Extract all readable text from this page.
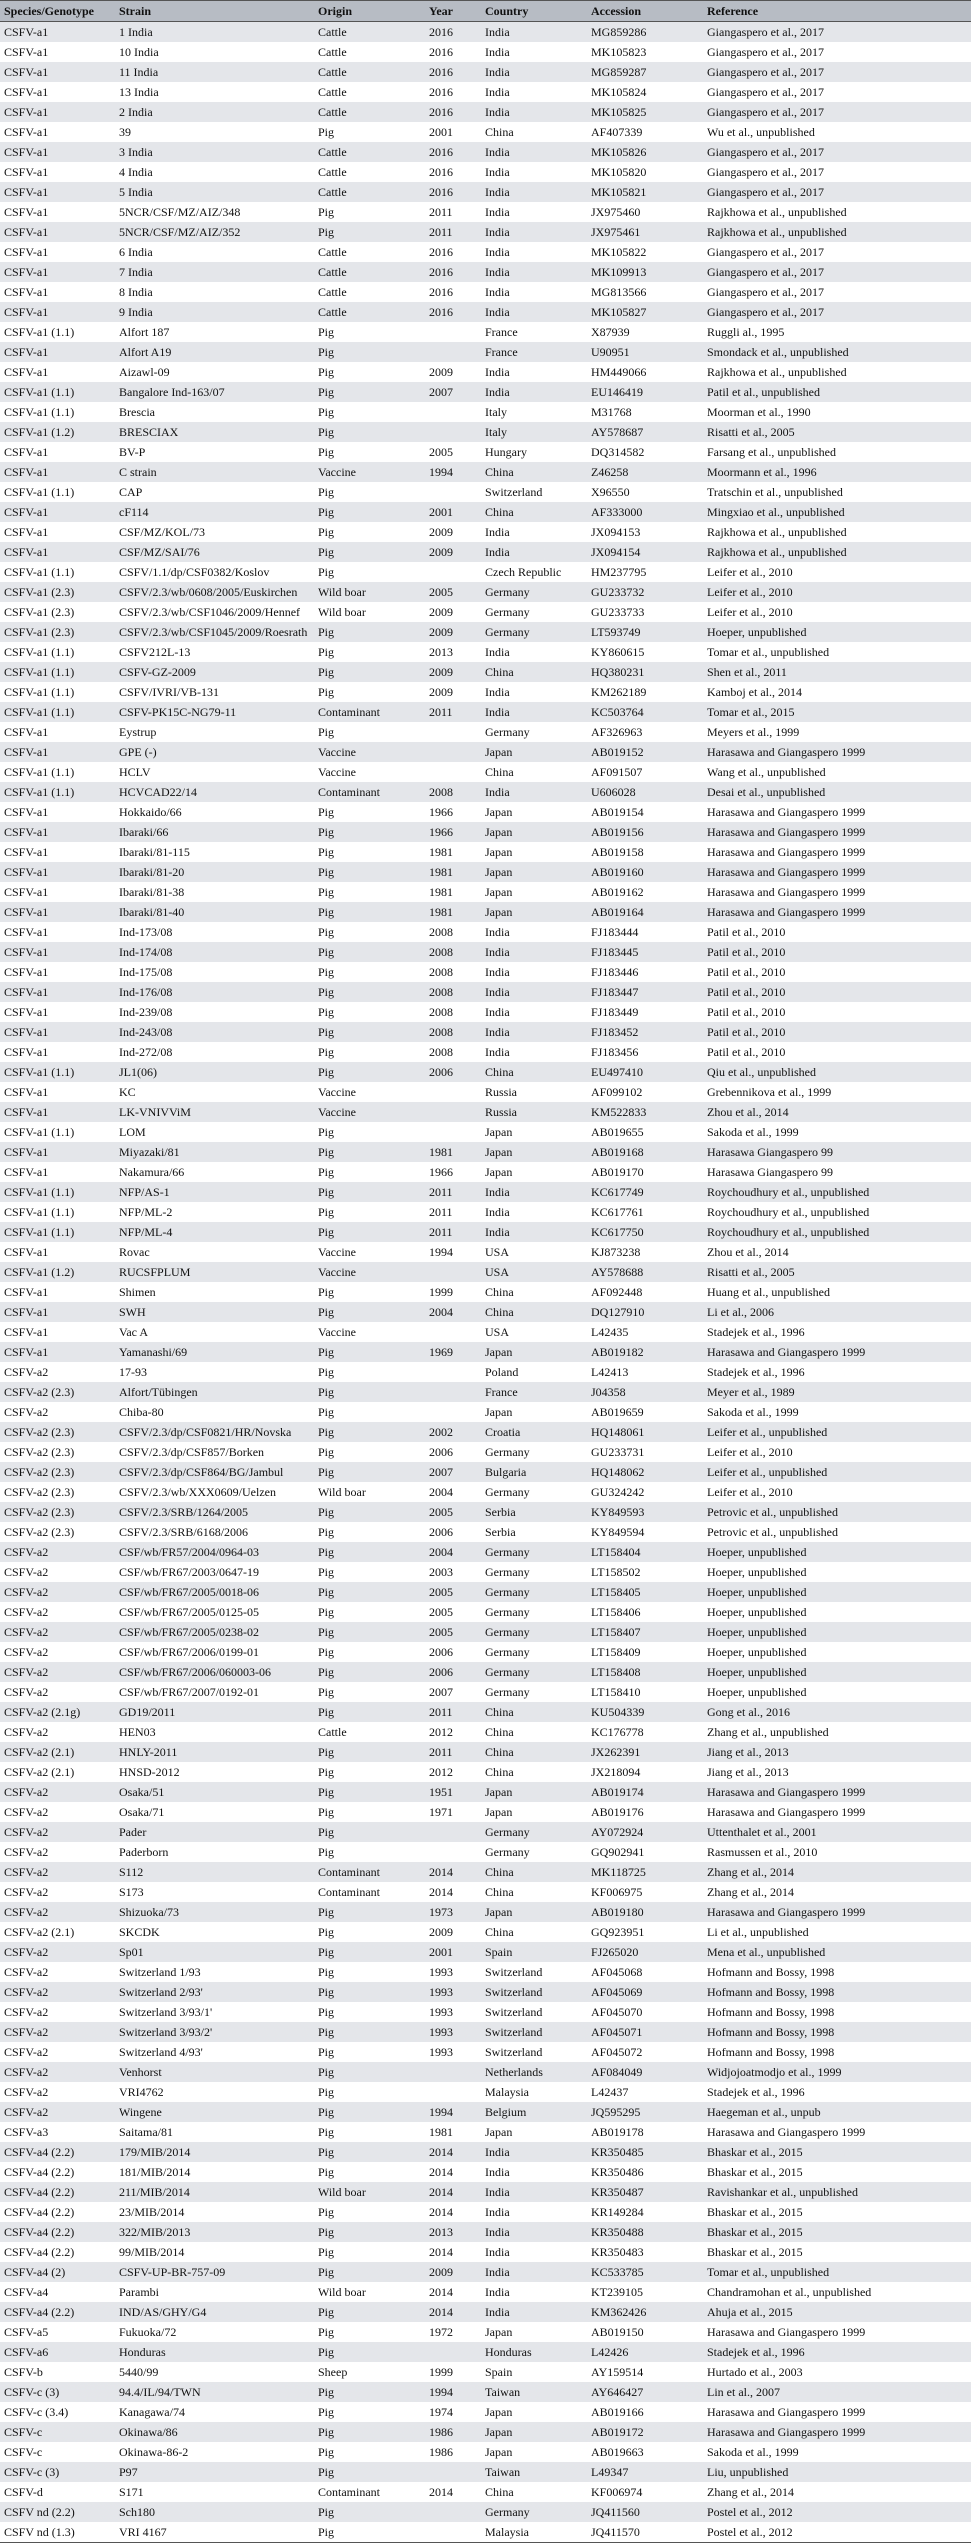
Species/Genotype	Strain	Origin	Year	Country	Accession	Reference
CSFV-a1	1 India	Cattle	2016	India	MG859286	Giangaspero et al., 2017
CSFV-a1	10 India	Cattle	2016	India	MK105823	Giangaspero et al., 2017
CSFV-a1	11 India	Cattle	2016	India	MG859287	Giangaspero et al., 2017
CSFV-a1	13 India	Cattle	2016	India	MK105824	Giangaspero et al., 2017
CSFV-a1	2 India	Cattle	2016	India	MK105825	Giangaspero et al., 2017
CSFV-a1	39	Pig	2001	China	AF407339	Wu et al., unpublished
CSFV-a1	3 India	Cattle	2016	India	MK105826	Giangaspero et al., 2017
CSFV-a1	4 India	Cattle	2016	India	MK105820	Giangaspero et al., 2017
CSFV-a1	5 India	Cattle	2016	India	MK105821	Giangaspero et al., 2017
CSFV-a1	5NCR/CSF/MZ/AIZ/348	Pig	2011	India	JX975460	Rajkhowa et al., unpublished
CSFV-a1	5NCR/CSF/MZ/AIZ/352	Pig	2011	India	JX975461	Rajkhowa et al., unpublished
CSFV-a1	6 India	Cattle	2016	India	MK105822	Giangaspero et al., 2017
CSFV-a1	7 India	Cattle	2016	India	MK109913	Giangaspero et al., 2017
CSFV-a1	8 India	Cattle	2016	India	MG813566	Giangaspero et al., 2017
CSFV-a1	9 India	Cattle	2016	India	MK105827	Giangaspero et al., 2017
CSFV-a1 (1.1)	Alfort 187	Pig		France	X87939	Ruggli al., 1995
CSFV-a1	Alfort A19	Pig		France	U90951	Smondack et al., unpublished
CSFV-a1	Aizawl-09	Pig	2009	India	HM449066	Rajkhowa et al., unpublished
CSFV-a1 (1.1)	Bangalore Ind-163/07	Pig	2007	India	EU146419	Patil et al., unpublished
CSFV-a1 (1.1)	Brescia	Pig		Italy	M31768	Moorman et al., 1990
CSFV-a1 (1.2)	BRESCIAX	Pig		Italy	AY578687	Risatti et al., 2005
CSFV-a1	BV-P	Pig	2005	Hungary	DQ314582	Farsang et al., unpublished
CSFV-a1	C strain	Vaccine	1994	China	Z46258	Moormann et al., 1996
CSFV-a1 (1.1)	CAP	Pig		Switzerland	X96550	Tratschin et al., unpublished
CSFV-a1	cF114	Pig	2001	China	AF333000	Mingxiao et al., unpublished
CSFV-a1	CSF/MZ/KOL/73	Pig	2009	India	JX094153	Rajkhowa et al., unpublished
CSFV-a1	CSF/MZ/SAI/76	Pig	2009	India	JX094154	Rajkhowa et al., unpublished
CSFV-a1 (1.1)	CSFV/1.1/dp/CSF0382/Koslov	Pig		Czech Republic	HM237795	Leifer et al., 2010
CSFV-a1 (2.3)	CSFV/2.3/wb/0608/2005/Euskirchen	Wild boar	2005	Germany	GU233732	Leifer et al., 2010
CSFV-a1 (2.3)	CSFV/2.3/wb/CSF1046/2009/Hennef	Wild boar	2009	Germany	GU233733	Leifer et al., 2010
CSFV-a1 (2.3)	CSFV/2.3/wb/CSF1045/2009/Roesrath	Pig	2009	Germany	LT593749	Hoeper, unpublished
CSFV-a1 (1.1)	CSFV212L-13	Pig	2013	India	KY860615	Tomar et al., unpublished
CSFV-a1 (1.1)	CSFV-GZ-2009	Pig	2009	China	HQ380231	Shen et al., 2011
CSFV-a1 (1.1)	CSFV/IVRI/VB-131	Pig	2009	India	KM262189	Kamboj et al., 2014
CSFV-a1 (1.1)	CSFV-PK15C-NG79-11	Contaminant	2011	India	KC503764	Tomar et al., 2015
CSFV-a1	Eystrup	Pig		Germany	AF326963	Meyers et al., 1999
CSFV-a1	GPE (-)	Vaccine		Japan	AB019152	Harasawa and Giangaspero 1999
CSFV-a1 (1.1)	HCLV	Vaccine		China	AF091507	Wang et al., unpublished
CSFV-a1 (1.1)	HCVCAD22/14	Contaminant	2008	India	U606028	Desai et al., unpublished
CSFV-a1	Hokkaido/66	Pig	1966	Japan	AB019154	Harasawa and Giangaspero 1999
CSFV-a1	Ibaraki/66	Pig	1966	Japan	AB019156	Harasawa and Giangaspero 1999
CSFV-a1	Ibaraki/81-115	Pig	1981	Japan	AB019158	Harasawa and Giangaspero 1999
CSFV-a1	Ibaraki/81-20	Pig	1981	Japan	AB019160	Harasawa and Giangaspero 1999
CSFV-a1	Ibaraki/81-38	Pig	1981	Japan	AB019162	Harasawa and Giangaspero 1999
CSFV-a1	Ibaraki/81-40	Pig	1981	Japan	AB019164	Harasawa and Giangaspero 1999
CSFV-a1	Ind-173/08	Pig	2008	India	FJ183444	Patil et al., 2010
CSFV-a1	Ind-174/08	Pig	2008	India	FJ183445	Patil et al., 2010
CSFV-a1	Ind-175/08	Pig	2008	India	FJ183446	Patil et al., 2010
CSFV-a1	Ind-176/08	Pig	2008	India	FJ183447	Patil et al., 2010
CSFV-a1	Ind-239/08	Pig	2008	India	FJ183449	Patil et al., 2010
CSFV-a1	Ind-243/08	Pig	2008	India	FJ183452	Patil et al., 2010
CSFV-a1	Ind-272/08	Pig	2008	India	FJ183456	Patil et al., 2010
CSFV-a1 (1.1)	JL1(06)	Pig	2006	China	EU497410	Qiu et al., unpublished
CSFV-a1	KC	Vaccine		Russia	AF099102	Grebennikova et al., 1999
CSFV-a1	LK-VNIVViM	Vaccine		Russia	KM522833	Zhou et al., 2014
CSFV-a1 (1.1)	LOM	Pig		Japan	AB019655	Sakoda et al., 1999
CSFV-a1	Miyazaki/81	Pig	1981	Japan	AB019168	Harasawa Giangaspero 99
CSFV-a1	Nakamura/66	Pig	1966	Japan	AB019170	Harasawa Giangaspero 99
CSFV-a1 (1.1)	NFP/AS-1	Pig	2011	India	KC617749	Roychoudhury et al., unpublished
CSFV-a1 (1.1)	NFP/ML-2	Pig	2011	India	KC617761	Roychoudhury et al., unpublished
CSFV-a1 (1.1)	NFP/ML-4	Pig	2011	India	KC617750	Roychoudhury et al., unpublished
CSFV-a1	Rovac	Vaccine	1994	USA	KJ873238	Zhou et al., 2014
CSFV-a1 (1.2)	RUCSFPLUM	Vaccine		USA	AY578688	Risatti et al., 2005
CSFV-a1	Shimen	Pig	1999	China	AF092448	Huang et al., unpublished
CSFV-a1	SWH	Pig	2004	China	DQ127910	Li et al., 2006
CSFV-a1	Vac A	Vaccine		USA	L42435	Stadejek et al., 1996
CSFV-a1	Yamanashi/69	Pig	1969	Japan	AB019182	Harasawa and Giangaspero 1999
CSFV-a2	17-93	Pig		Poland	L42413	Stadejek et al., 1996
CSFV-a2 (2.3)	Alfort/Tübingen	Pig		France	J04358	Meyer et al., 1989
CSFV-a2	Chiba-80	Pig		Japan	AB019659	Sakoda et al., 1999
CSFV-a2 (2.3)	CSFV/2.3/dp/CSF0821/HR/Novska	Pig	2002	Croatia	HQ148061	Leifer et al., unpublished
CSFV-a2 (2.3)	CSFV/2.3/dp/CSF857/Borken	Pig	2006	Germany	GU233731	Leifer et al., 2010
CSFV-a2 (2.3)	CSFV/2.3/dp/CSF864/BG/Jambul	Pig	2007	Bulgaria	HQ148062	Leifer et al., unpublished
CSFV-a2 (2.3)	CSFV/2.3/wb/XXX0609/Uelzen	Wild boar	2004	Germany	GU324242	Leifer et al., 2010
CSFV-a2 (2.3)	CSFV/2.3/SRB/1264/2005	Pig	2005	Serbia	KY849593	Petrovic et al., unpublished
CSFV-a2 (2.3)	CSFV/2.3/SRB/6168/2006	Pig	2006	Serbia	KY849594	Petrovic et al., unpublished
CSFV-a2	CSF/wb/FR57/2004/0964-03	Pig	2004	Germany	LT158404	Hoeper, unpublished
CSFV-a2	CSF/wb/FR67/2003/0647-19	Pig	2003	Germany	LT158502	Hoeper, unpublished
CSFV-a2	CSF/wb/FR67/2005/0018-06	Pig	2005	Germany	LT158405	Hoeper, unpublished
CSFV-a2	CSF/wb/FR67/2005/0125-05	Pig	2005	Germany	LT158406	Hoeper, unpublished
CSFV-a2	CSF/wb/FR67/2005/0238-02	Pig	2005	Germany	LT158407	Hoeper, unpublished
CSFV-a2	CSF/wb/FR67/2006/0199-01	Pig	2006	Germany	LT158409	Hoeper, unpublished
CSFV-a2	CSF/wb/FR67/2006/060003-06	Pig	2006	Germany	LT158408	Hoeper, unpublished
CSFV-a2	CSF/wb/FR67/2007/0192-01	Pig	2007	Germany	LT158410	Hoeper, unpublished
CSFV-a2 (2.1g)	GD19/2011	Pig	2011	China	KU504339	Gong et al., 2016
CSFV-a2	HEN03	Cattle	2012	China	KC176778	Zhang et al., unpublished
CSFV-a2 (2.1)	HNLY-2011	Pig	2011	China	JX262391	Jiang et al., 2013
CSFV-a2 (2.1)	HNSD-2012	Pig	2012	China	JX218094	Jiang et al., 2013
CSFV-a2	Osaka/51	Pig	1951	Japan	AB019174	Harasawa and Giangaspero 1999
CSFV-a2	Osaka/71	Pig	1971	Japan	AB019176	Harasawa and Giangaspero 1999
CSFV-a2	Pader	Pig		Germany	AY072924	Uttenthalet et al., 2001
CSFV-a2	Paderborn	Pig		Germany	GQ902941	Rasmussen et al., 2010
CSFV-a2	S112	Contaminant	2014	China	MK118725	Zhang et al., 2014
CSFV-a2	S173	Contaminant	2014	China	KF006975	Zhang et al., 2014
CSFV-a2	Shizuoka/73	Pig	1973	Japan	AB019180	Harasawa and Giangaspero 1999
CSFV-a2 (2.1)	SKCDK	Pig	2009	China	GQ923951	Li et al., unpublished
CSFV-a2	Sp01	Pig	2001	Spain	FJ265020	Mena et al., unpublished
CSFV-a2	Switzerland 1/93	Pig	1993	Switzerland	AF045068	Hofmann and Bossy, 1998
CSFV-a2	Switzerland 2/93'	Pig	1993	Switzerland	AF045069	Hofmann and Bossy, 1998
CSFV-a2	Switzerland 3/93/1'	Pig	1993	Switzerland	AF045070	Hofmann and Bossy, 1998
CSFV-a2	Switzerland 3/93/2'	Pig	1993	Switzerland	AF045071	Hofmann and Bossy, 1998
CSFV-a2	Switzerland 4/93'	Pig	1993	Switzerland	AF045072	Hofmann and Bossy, 1998
CSFV-a2	Venhorst	Pig		Netherlands	AF084049	Widjojoatmodjo et al., 1999
CSFV-a2	VRI4762	Pig		Malaysia	L42437	Stadejek et al., 1996
CSFV-a2	Wingene	Pig	1994	Belgium	JQ595295	Haegeman et al., unpub
CSFV-a3	Saitama/81	Pig	1981	Japan	AB019178	Harasawa and Giangaspero 1999
CSFV-a4 (2.2)	179/MIB/2014	Pig	2014	India	KR350485	Bhaskar et al., 2015
CSFV-a4 (2.2)	181/MIB/2014	Pig	2014	India	KR350486	Bhaskar et al., 2015
CSFV-a4 (2.2)	211/MIB/2014	Wild boar	2014	India	KR350487	Ravishankar et al., unpublished
CSFV-a4 (2.2)	23/MIB/2014	Pig	2014	India	KR149284	Bhaskar et al., 2015
CSFV-a4 (2.2)	322/MIB/2013	Pig	2013	India	KR350488	Bhaskar et al., 2015
CSFV-a4 (2.2)	99/MIB/2014	Pig	2014	India	KR350483	Bhaskar et al., 2015
CSFV-a4 (2)	CSFV-UP-BR-757-09	Pig	2009	India	KC533785	Tomar et al., unpublished
CSFV-a4	Parambi	Wild boar	2014	India	KT239105	Chandramohan et al., unpublished
CSFV-a4 (2.2)	IND/AS/GHY/G4	Pig	2014	India	KM362426	Ahuja et al., 2015
CSFV-a5	Fukuoka/72	Pig	1972	Japan	AB019150	Harasawa and Giangaspero 1999
CSFV-a6	Honduras	Pig		Honduras	L42426	Stadejek et al., 1996
CSFV-b	5440/99	Sheep	1999	Spain	AY159514	Hurtado et al., 2003
CSFV-c (3)	94.4/IL/94/TWN	Pig	1994	Taiwan	AY646427	Lin et al., 2007
CSFV-c (3.4)	Kanagawa/74	Pig	1974	Japan	AB019166	Harasawa and Giangaspero 1999
CSFV-c	Okinawa/86	Pig	1986	Japan	AB019172	Harasawa and Giangaspero 1999
CSFV-c	Okinawa-86-2	Pig	1986	Japan	AB019663	Sakoda et al., 1999
CSFV-c (3)	P97	Pig		Taiwan	L49347	Liu, unpublished
CSFV-d	S171	Contaminant	2014	China	KF006974	Zhang et al., 2014
CSFV nd (2.2)	Sch180	Pig		Germany	JQ411560	Postel et al., 2012
CSFV nd (1.3)	VRI 4167	Pig		Malaysia	JQ411570	Postel et al., 2012
